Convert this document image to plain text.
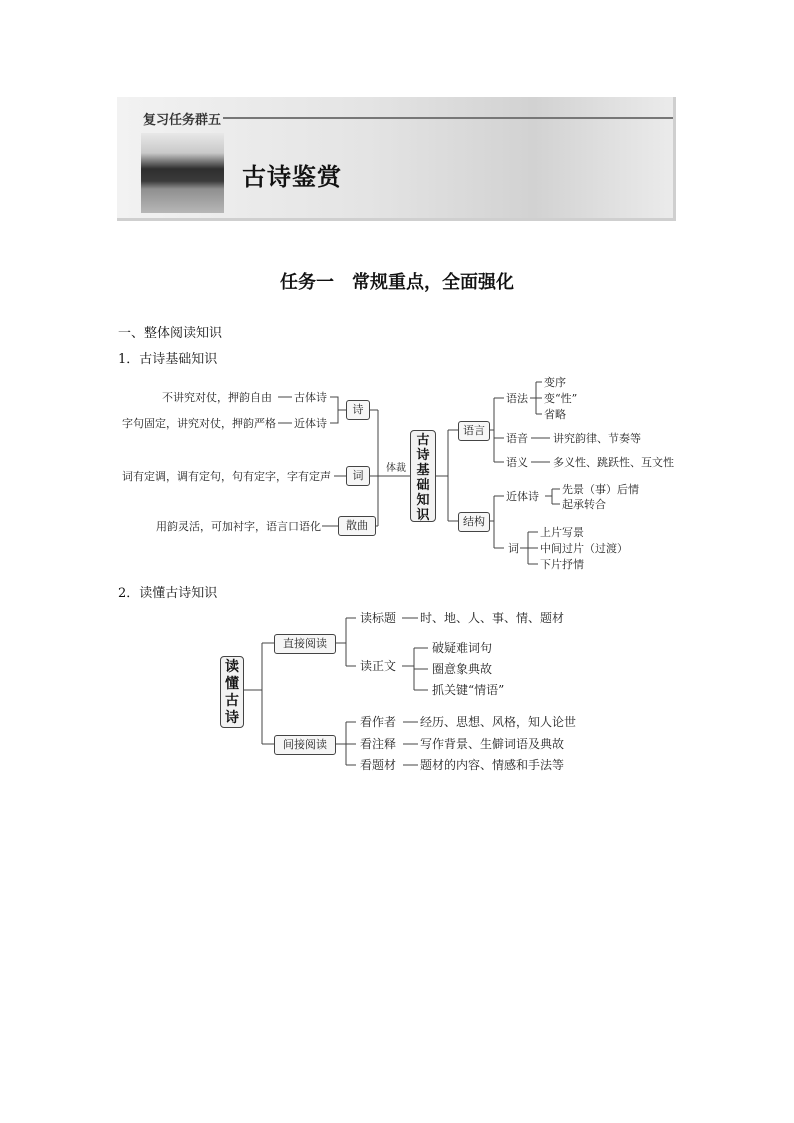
复习任务群五
古诗鉴赏
任务一　常规重点，全面强化
一、整体阅读知识
1．古诗基础知识
不讲究对仗，押韵自由 古体诗
字句固定，讲究对仗，押韵严格 近体诗
诗
词有定调，调有定句，句有定字，字有定声	词
用韵灵活，可加衬字，语言口语化	散曲
体裁
古
诗
基
础
知
识
语言
结构
语法
变序
变“性”
省略
语音 讲究韵律、节奏等
语义 多义性、跳跃性、互文性
近体诗
先景（事）后情
起承转合
词
上片写景
中间过片（过渡）
下片抒情
2．读懂古诗知识
读
懂
古
诗
直接阅读
间接阅读
读标题 时、地、人、事、情、题材
读正文
破疑难词句
圈意象典故
抓关键“情语”
看作者 经历、思想、风格，知人论世
看注释 写作背景、生僻词语及典故
看题材 题材的内容、情感和手法等
